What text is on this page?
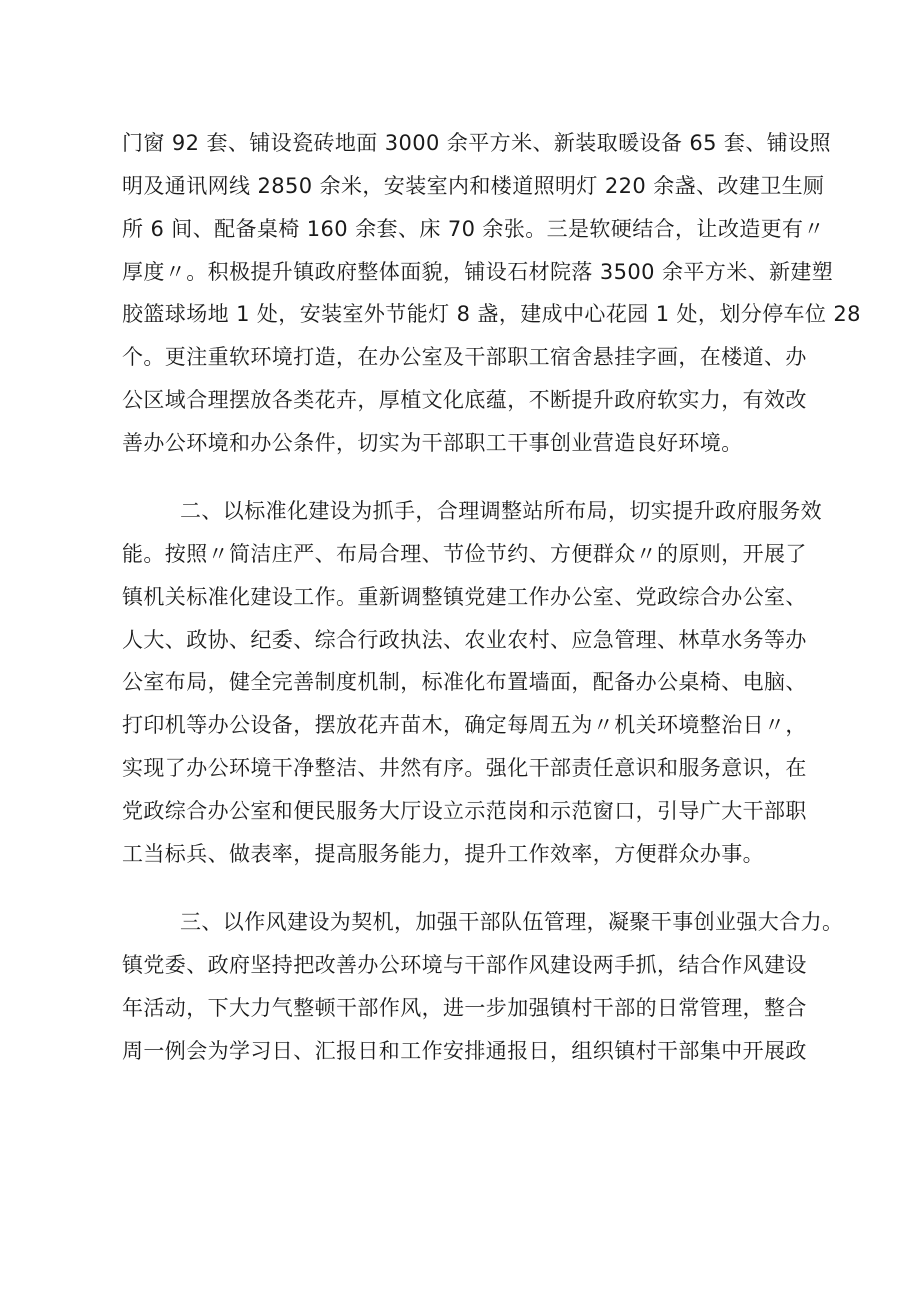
门窗 92 套、铺设瓷砖地面 3000 余平方米、新装取暖设备 65 套、铺设照
明及通讯网线 2850 余米，安装室内和楼道照明灯 220 余盏、改建卫生厕
所 6 间、配备桌椅 160 余套、床 70 余张。三是软硬结合，让改造更有〃
厚度〃。积极提升镇政府整体面貌，铺设石材院落 3500 余平方米、新建塑
胶篮球场地 1 处，安装室外节能灯 8 盏，建成中心花园 1 处，划分停车位 28
个。更注重软环境打造，在办公室及干部职工宿舍悬挂字画，在楼道、办
公区域合理摆放各类花卉，厚植文化底蕴，不断提升政府软实力，有效改
善办公环境和办公条件，切实为干部职工干事创业营造良好环境。
二、以标准化建设为抓手，合理调整站所布局，切实提升政府服务效
能。按照〃简洁庄严、布局合理、节俭节约、方便群众〃的原则，开展了
镇机关标准化建设工作。重新调整镇党建工作办公室、党政综合办公室、
人大、政协、纪委、综合行政执法、农业农村、应急管理、林草水务等办
公室布局，健全完善制度机制，标准化布置墙面，配备办公桌椅、电脑、
打印机等办公设备，摆放花卉苗木，确定每周五为〃机关环境整治日〃，
实现了办公环境干净整洁、井然有序。强化干部责任意识和服务意识，在
党政综合办公室和便民服务大厅设立示范岗和示范窗口，引导广大干部职
工当标兵、做表率，提高服务能力，提升工作效率，方便群众办事。
三、以作风建设为契机，加强干部队伍管理，凝聚干事创业强大合力。
镇党委、政府坚持把改善办公环境与干部作风建设两手抓，结合作风建设
年活动，下大力气整顿干部作风，进一步加强镇村干部的日常管理，整合
周一例会为学习日、汇报日和工作安排通报日，组织镇村干部集中开展政
